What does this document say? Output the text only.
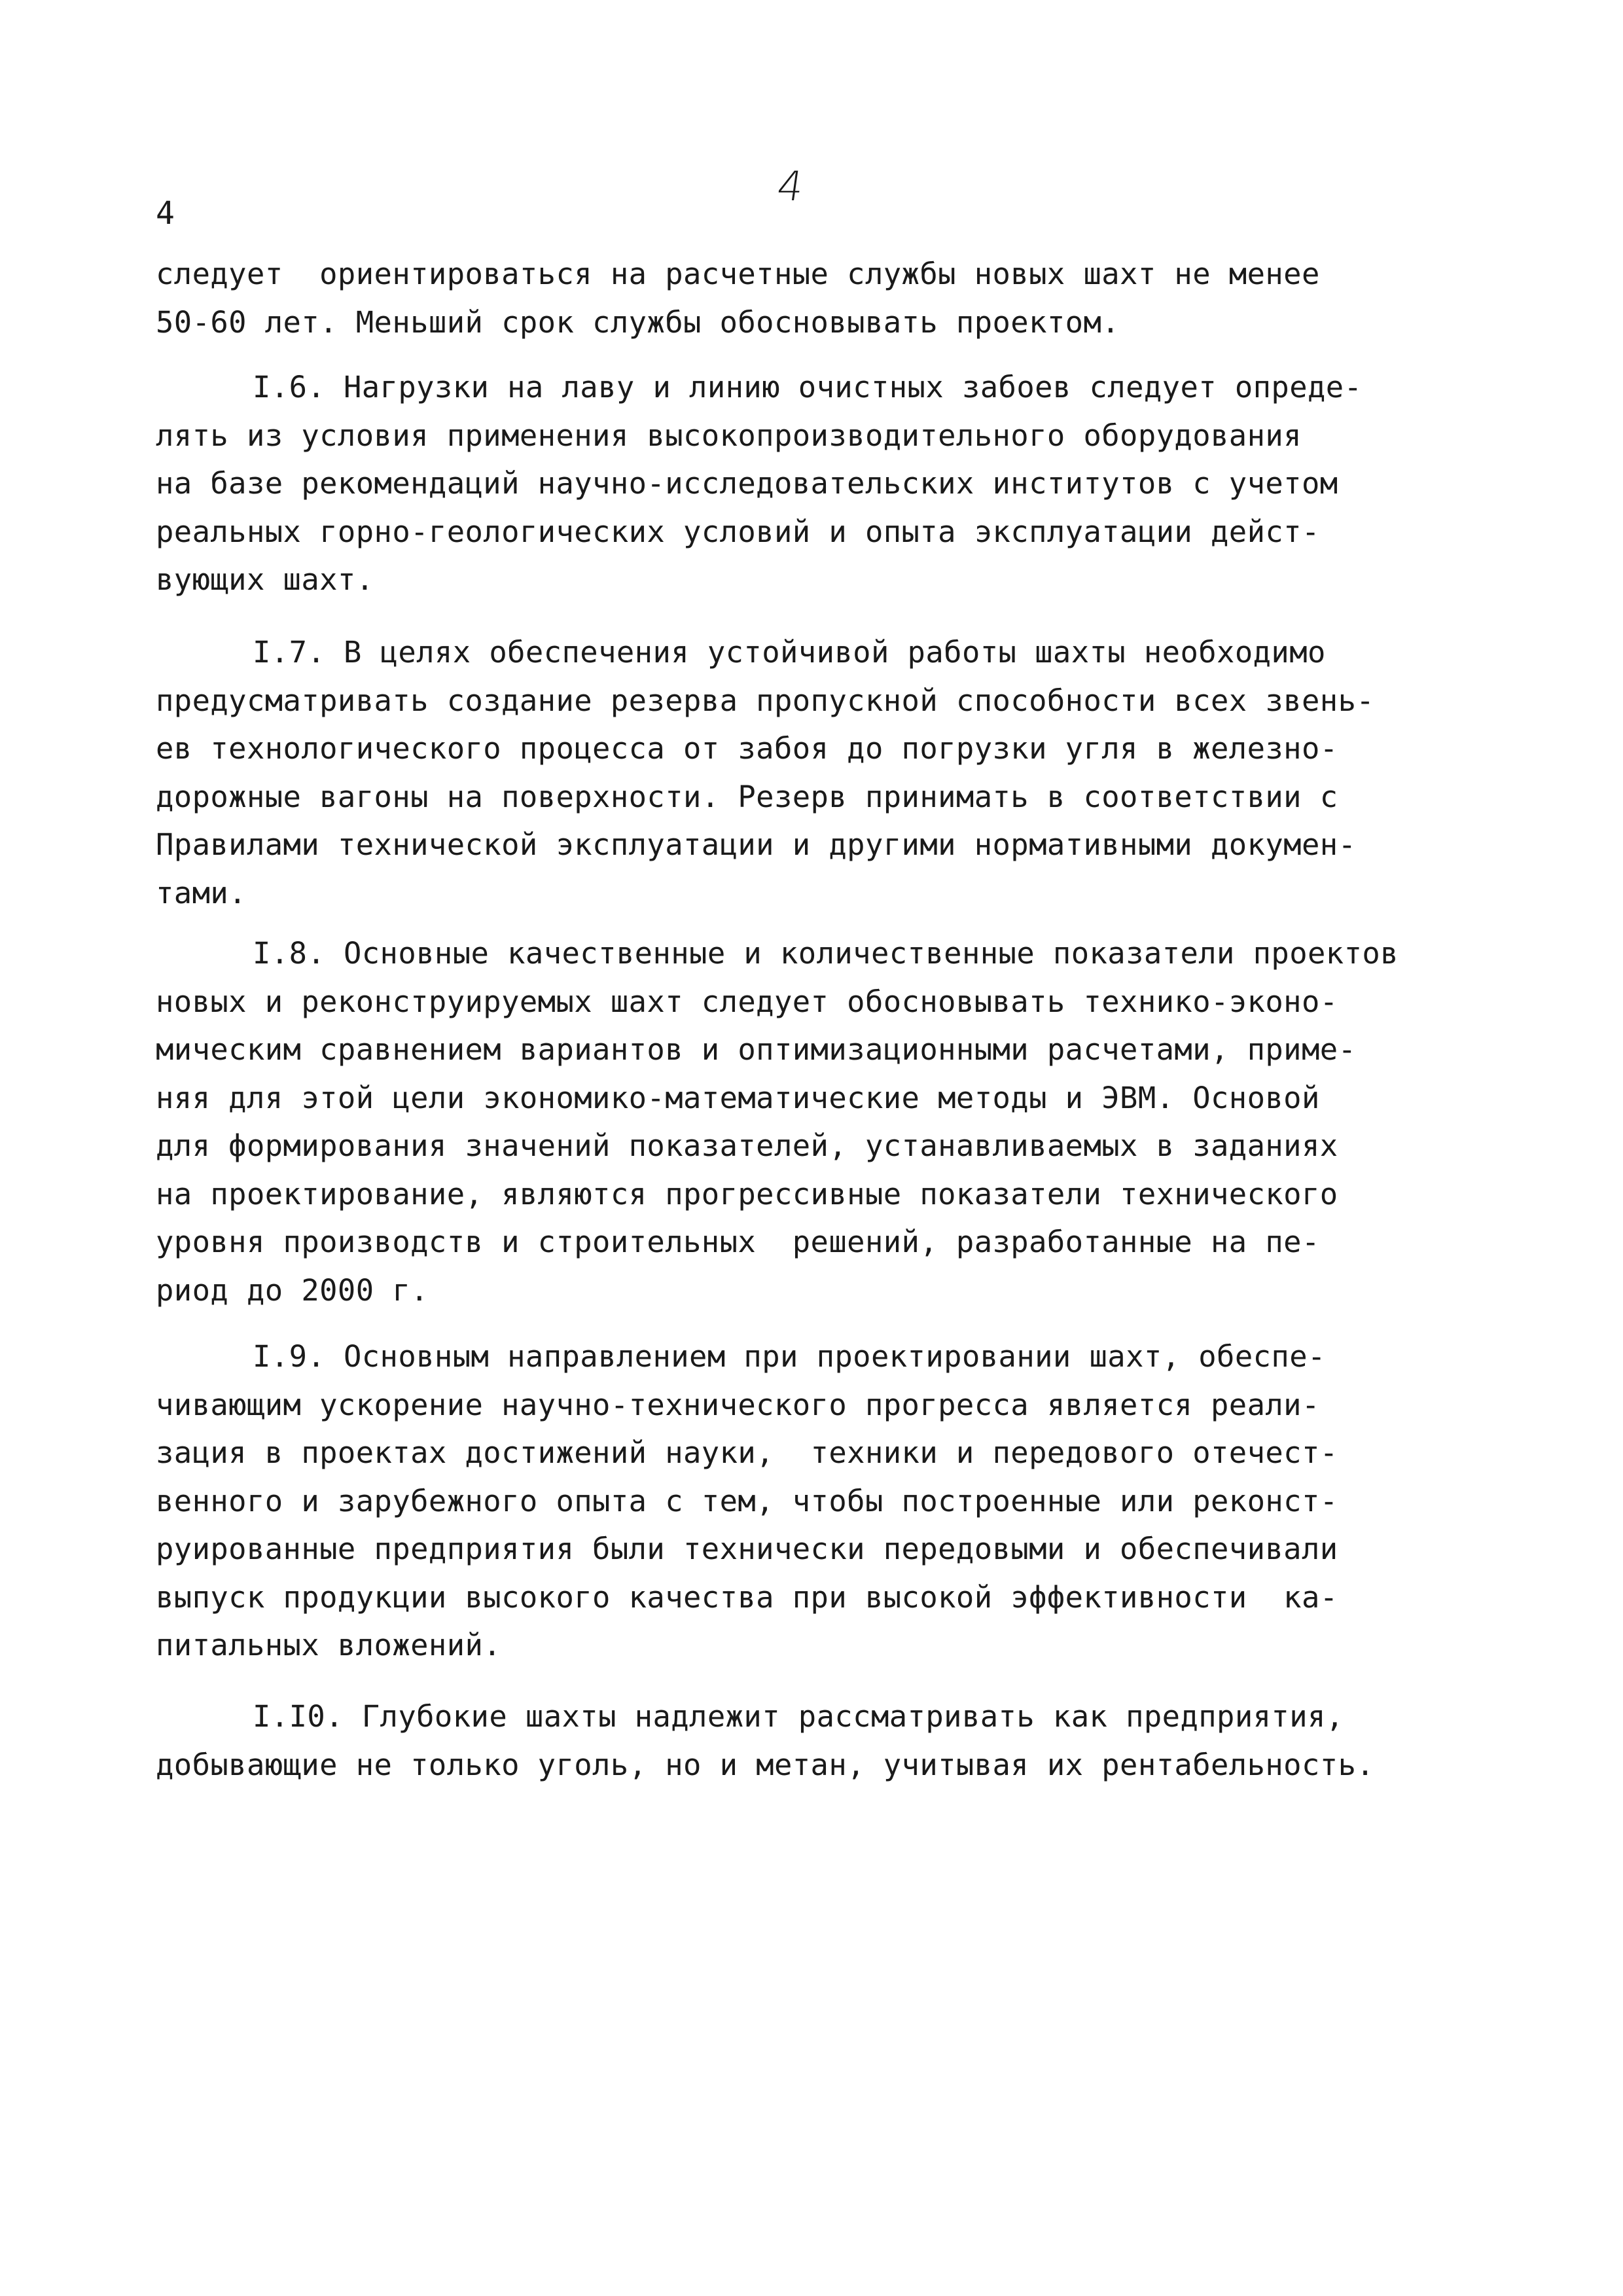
4
4
следует  ориентироваться на расчетные службы новых шахт не менее
50-60 лет. Меньший срок службы обосновывать проектом.
I.6. Нагрузки на лаву и линию очистных забоев следует опреде-
лять из условия применения высокопроизводительного оборудования
на базе рекомендаций научно-исследовательских институтов с учетом
реальных горно-геологических условий и опыта эксплуатации дейст-
вующих шахт.
I.7. В целях обеспечения устойчивой работы шахты необходимо
предусматривать создание резерва пропускной способности всех звень-
ев технологического процесса от забоя до погрузки угля в железно-
дорожные вагоны на поверхности. Резерв принимать в соответствии с
Правилами технической эксплуатации и другими нормативными докумен-
тами.
I.8. Основные качественные и количественные показатели проектов
новых и реконструируемых шахт следует обосновывать технико-эконо-
мическим сравнением вариантов и оптимизационными расчетами, приме-
няя для этой цели экономико-математические методы и ЭВМ. Основой
для формирования значений показателей, устанавливаемых в заданиях
на проектирование, являются прогрессивные показатели технического
уровня производств и строительных  решений, разработанные на пе-
риод до 2000 г.
I.9. Основным направлением при проектировании шахт, обеспе-
чивающим ускорение научно-технического прогресса является реали-
зация в проектах достижений науки,  техники и передового отечест-
венного и зарубежного опыта с тем, чтобы построенные или реконст-
руированные предприятия были технически передовыми и обеспечивали
выпуск продукции высокого качества при высокой эффективности  ка-
питальных вложений.
I.I0. Глубокие шахты надлежит рассматривать как предприятия,
добывающие не только уголь, но и метан, учитывая их рентабельность.
